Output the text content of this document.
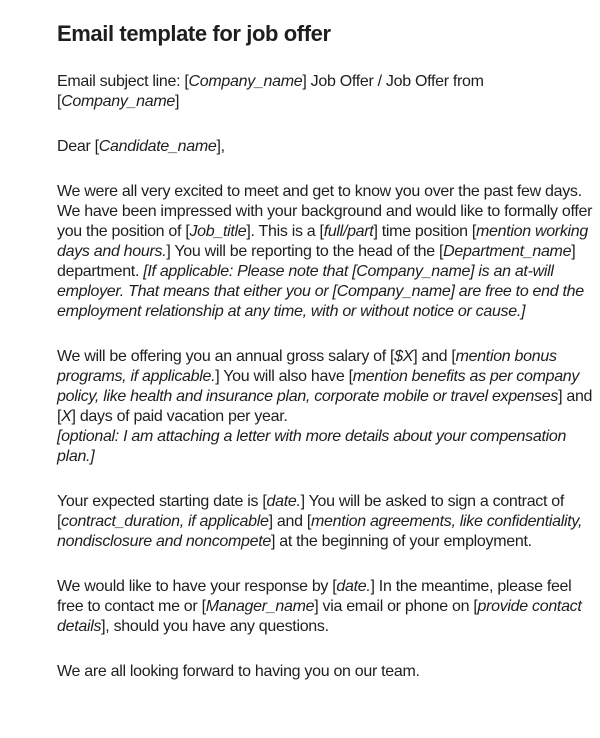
Email template for job offer

Email subject line: [Company_name] Job Offer / Job Offer from [Company_name]

Dear [Candidate_name],

We were all very excited to meet and get to know you over the past few days. We have been impressed with your background and would like to formally offer you the position of [Job_title]. This is a [full/part] time position [mention working days and hours.] You will be reporting to the head of the [Department_name] department. [If applicable: Please note that [Company_name] is an at-will employer. That means that either you or [Company_name] are free to end the employment relationship at any time, with or without notice or cause.]

We will be offering you an annual gross salary of [$X] and [mention bonus programs, if applicable.] You will also have [mention benefits as per company policy, like health and insurance plan, corporate mobile or travel expenses] and [X] days of paid vacation per year.
[optional: I am attaching a letter with more details about your compensation plan.]

Your expected starting date is [date.] You will be asked to sign a contract of [contract_duration, if applicable] and [mention agreements, like confidentiality, nondisclosure and noncompete] at the beginning of your employment.

We would like to have your response by [date.] In the meantime, please feel free to contact me or [Manager_name] via email or phone on [provide contact details], should you have any questions.

We are all looking forward to having you on our team.
